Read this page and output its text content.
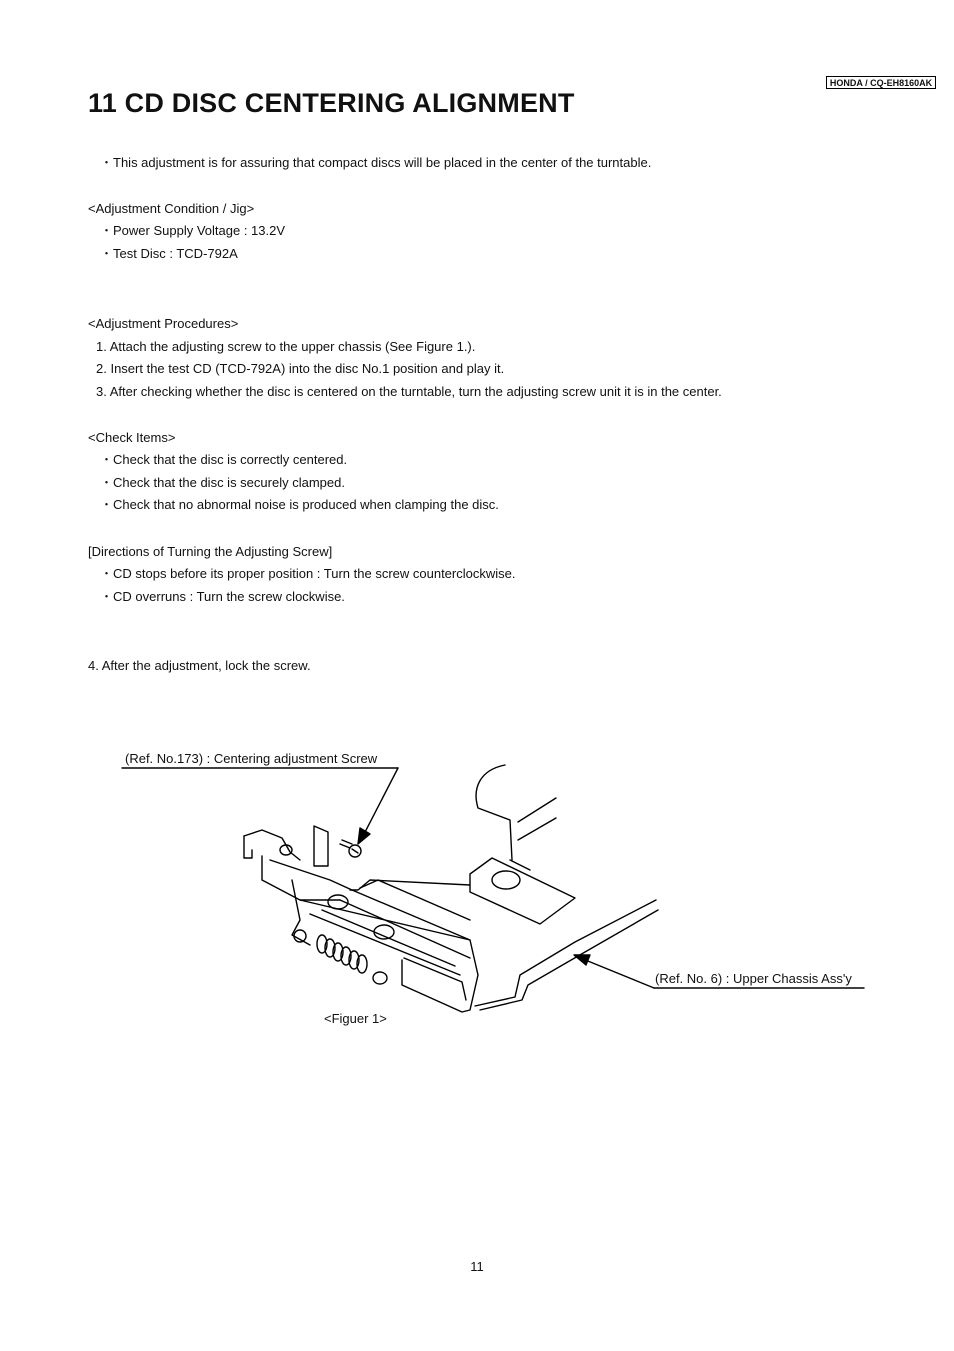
HONDA / CQ-EH8160AK
11 CD DISC CENTERING ALIGNMENT
・ This adjustment is for assuring that compact discs will be placed in the center of the turntable.
<Adjustment Condition / Jig>
・ Power Supply Voltage : 13.2V
・ Test Disc : TCD-792A
<Adjustment Procedures>
1. Attach the adjusting screw to the upper chassis (See Figure 1.).
2. Insert the test CD (TCD-792A) into the disc No.1 position and play it.
3. After checking whether the disc is centered on the turntable, turn the adjusting screw unit it is in the center.
<Check Items>
・ Check that the disc is correctly centered.
・ Check that the disc is securely clamped.
・ Check that no abnormal noise is produced when clamping the disc.
[Directions of Turning the Adjusting Screw]
・ CD stops before its proper position : Turn the screw counterclockwise.
・ CD overruns : Turn the screw clockwise.
4. After the adjustment, lock the screw.
(Ref. No.173) : Centering adjustment Screw
(Ref. No. 6) : Upper Chassis Ass'y
<Figuer 1>
11
